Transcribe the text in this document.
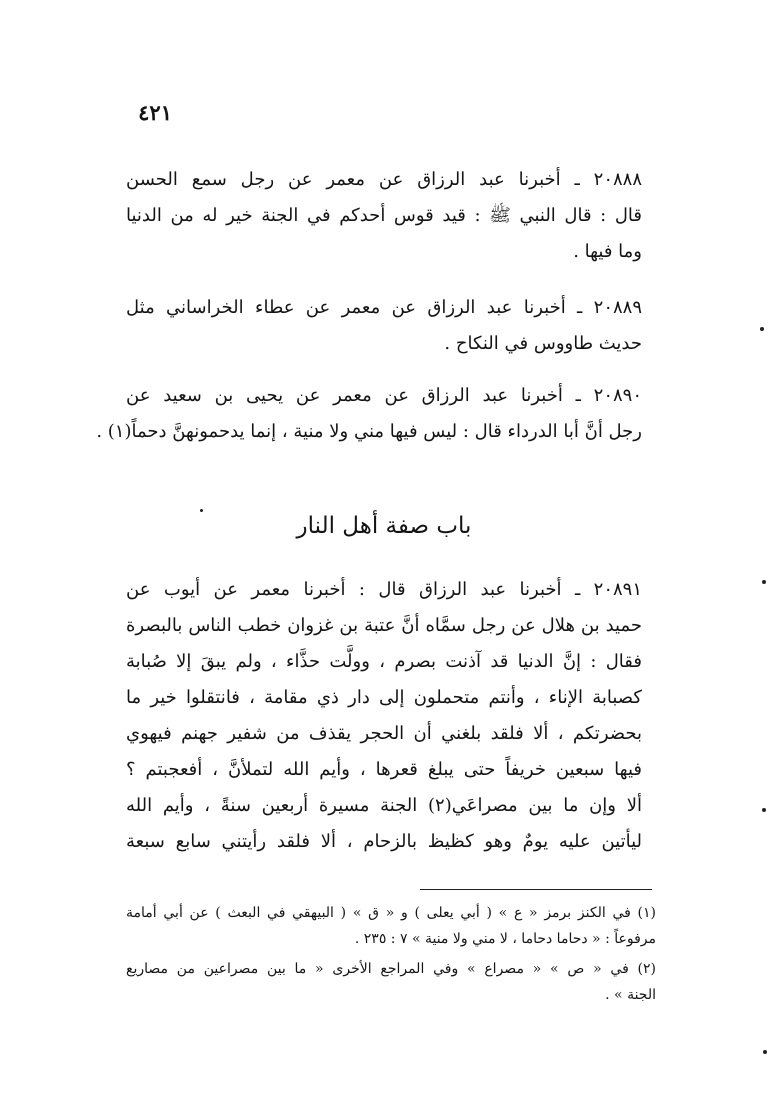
٤٢١
٢٠٨٨٨ ـ أخبرنا عبد الرزاق عن معمر عن رجل سمع الحسن
قال : قال النبي ﷺ : قيد قوس أحدكم في الجنة خير له من الدنيا
وما فيها .
٢٠٨٨٩ ـ أخبرنا عبد الرزاق عن معمر عن عطاء الخراساني مثل
حديث طاووس في النكاح .
٢٠٨٩٠ ـ أخبرنا عبد الرزاق عن معمر عن يحيى بن سعيد عن
رجل أنَّ أبا الدرداء قال : ليس فيها مني ولا منية ، إنما يدحمونهنَّ دحماً(١) .
باب صفة أهل النار
٢٠٨٩١ ـ أخبرنا عبد الرزاق قال : أخبرنا معمر عن أيوب عن
حميد بن هلال عن رجل سمَّاه أنَّ عتبة بن غزوان خطب الناس بالبصرة
فقال : إنَّ الدنيا قد آذنت بصرم ، وولَّت حذَّاء ، ولم يبقَ إلا صُبابة
كصبابة الإناء ، وأنتم متحملون إلى دار ذي مقامة ، فانتقلوا خير ما
بحضرتكم ، ألا فلقد بلغني أن الحجر يقذف من شفير جهنم فيهوي
فيها سبعين خريفاً حتى يبلغ قعرها ، وأيم الله لتملأنَّ ، أفعجبتم ؟
ألا وإن ما بين مصراعَي(٢) الجنة مسيرة أربعين سنةً ، وأيم الله
ليأتين عليه يومٌ وهو كظيظ بالزحام ، ألا فلقد رأيتني سابع سبعة
(١) في الكنز برمز « ع » ( أبي يعلى ) و « ق » ( البيهقي في البعث ) عن أبي أمامة
مرفوعاً : « دحاما دحاما ، لا مني ولا منية » ٧ : ٢٣٥ .
(٢) في « ص » « مصراع » وفي المراجع الأخرى « ما بين مصراعين من مصاريع
الجنة » .
